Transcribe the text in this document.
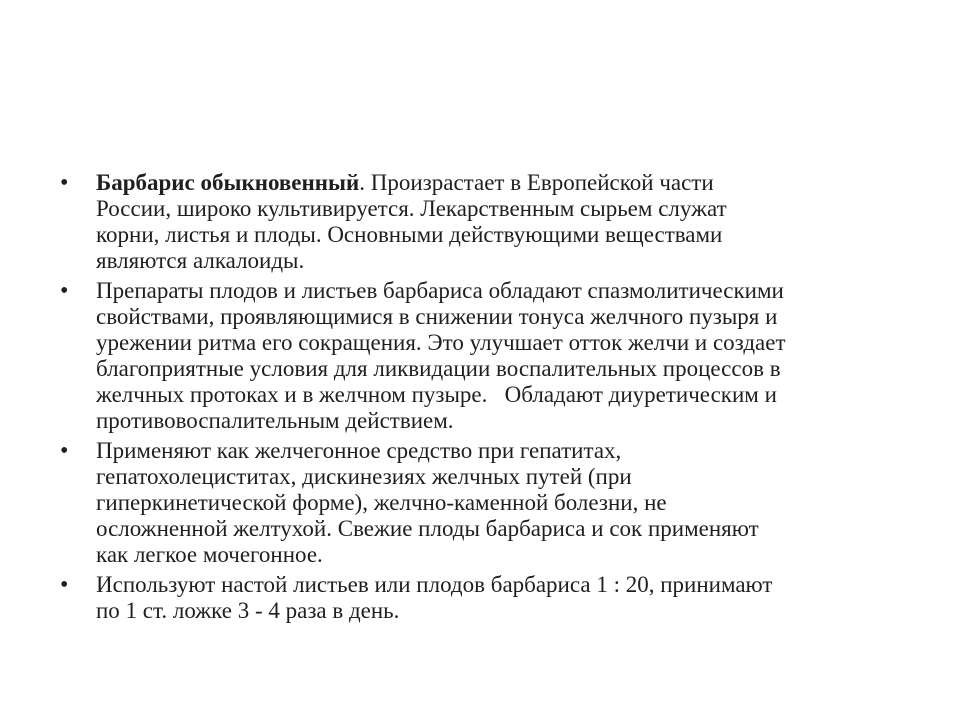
• Барбарис обыкновенный. Произрастает в Европейской части
России, широко культивируется. Лекарственным сырьем служат
корни, листья и плоды. Основными действующими веществами
являются алкалоиды.
• Препараты плодов и листьев барбариса обладают спазмолитическими
свойствами, проявляющимися в снижении тонуса желчного пузыря и
урежении ритма его сокращения. Это улучшает отток желчи и создает
благоприятные условия для ликвидации воспалительных процессов в
желчных протоках и в желчном пузыре.   Обладают диуретическим и
противовоспалительным действием.
• Применяют как желчегонное средство при гепатитах,
гепатохолециститах, дискинезиях желчных путей (при
гиперкинетической форме), желчно-каменной болезни, не
осложненной желтухой. Свежие плоды барбариса и сок применяют
как легкое мочегонное.
• Используют настой листьев или плодов барбариса 1 : 20, принимают
по 1 ст. ложке 3 - 4 раза в день.
